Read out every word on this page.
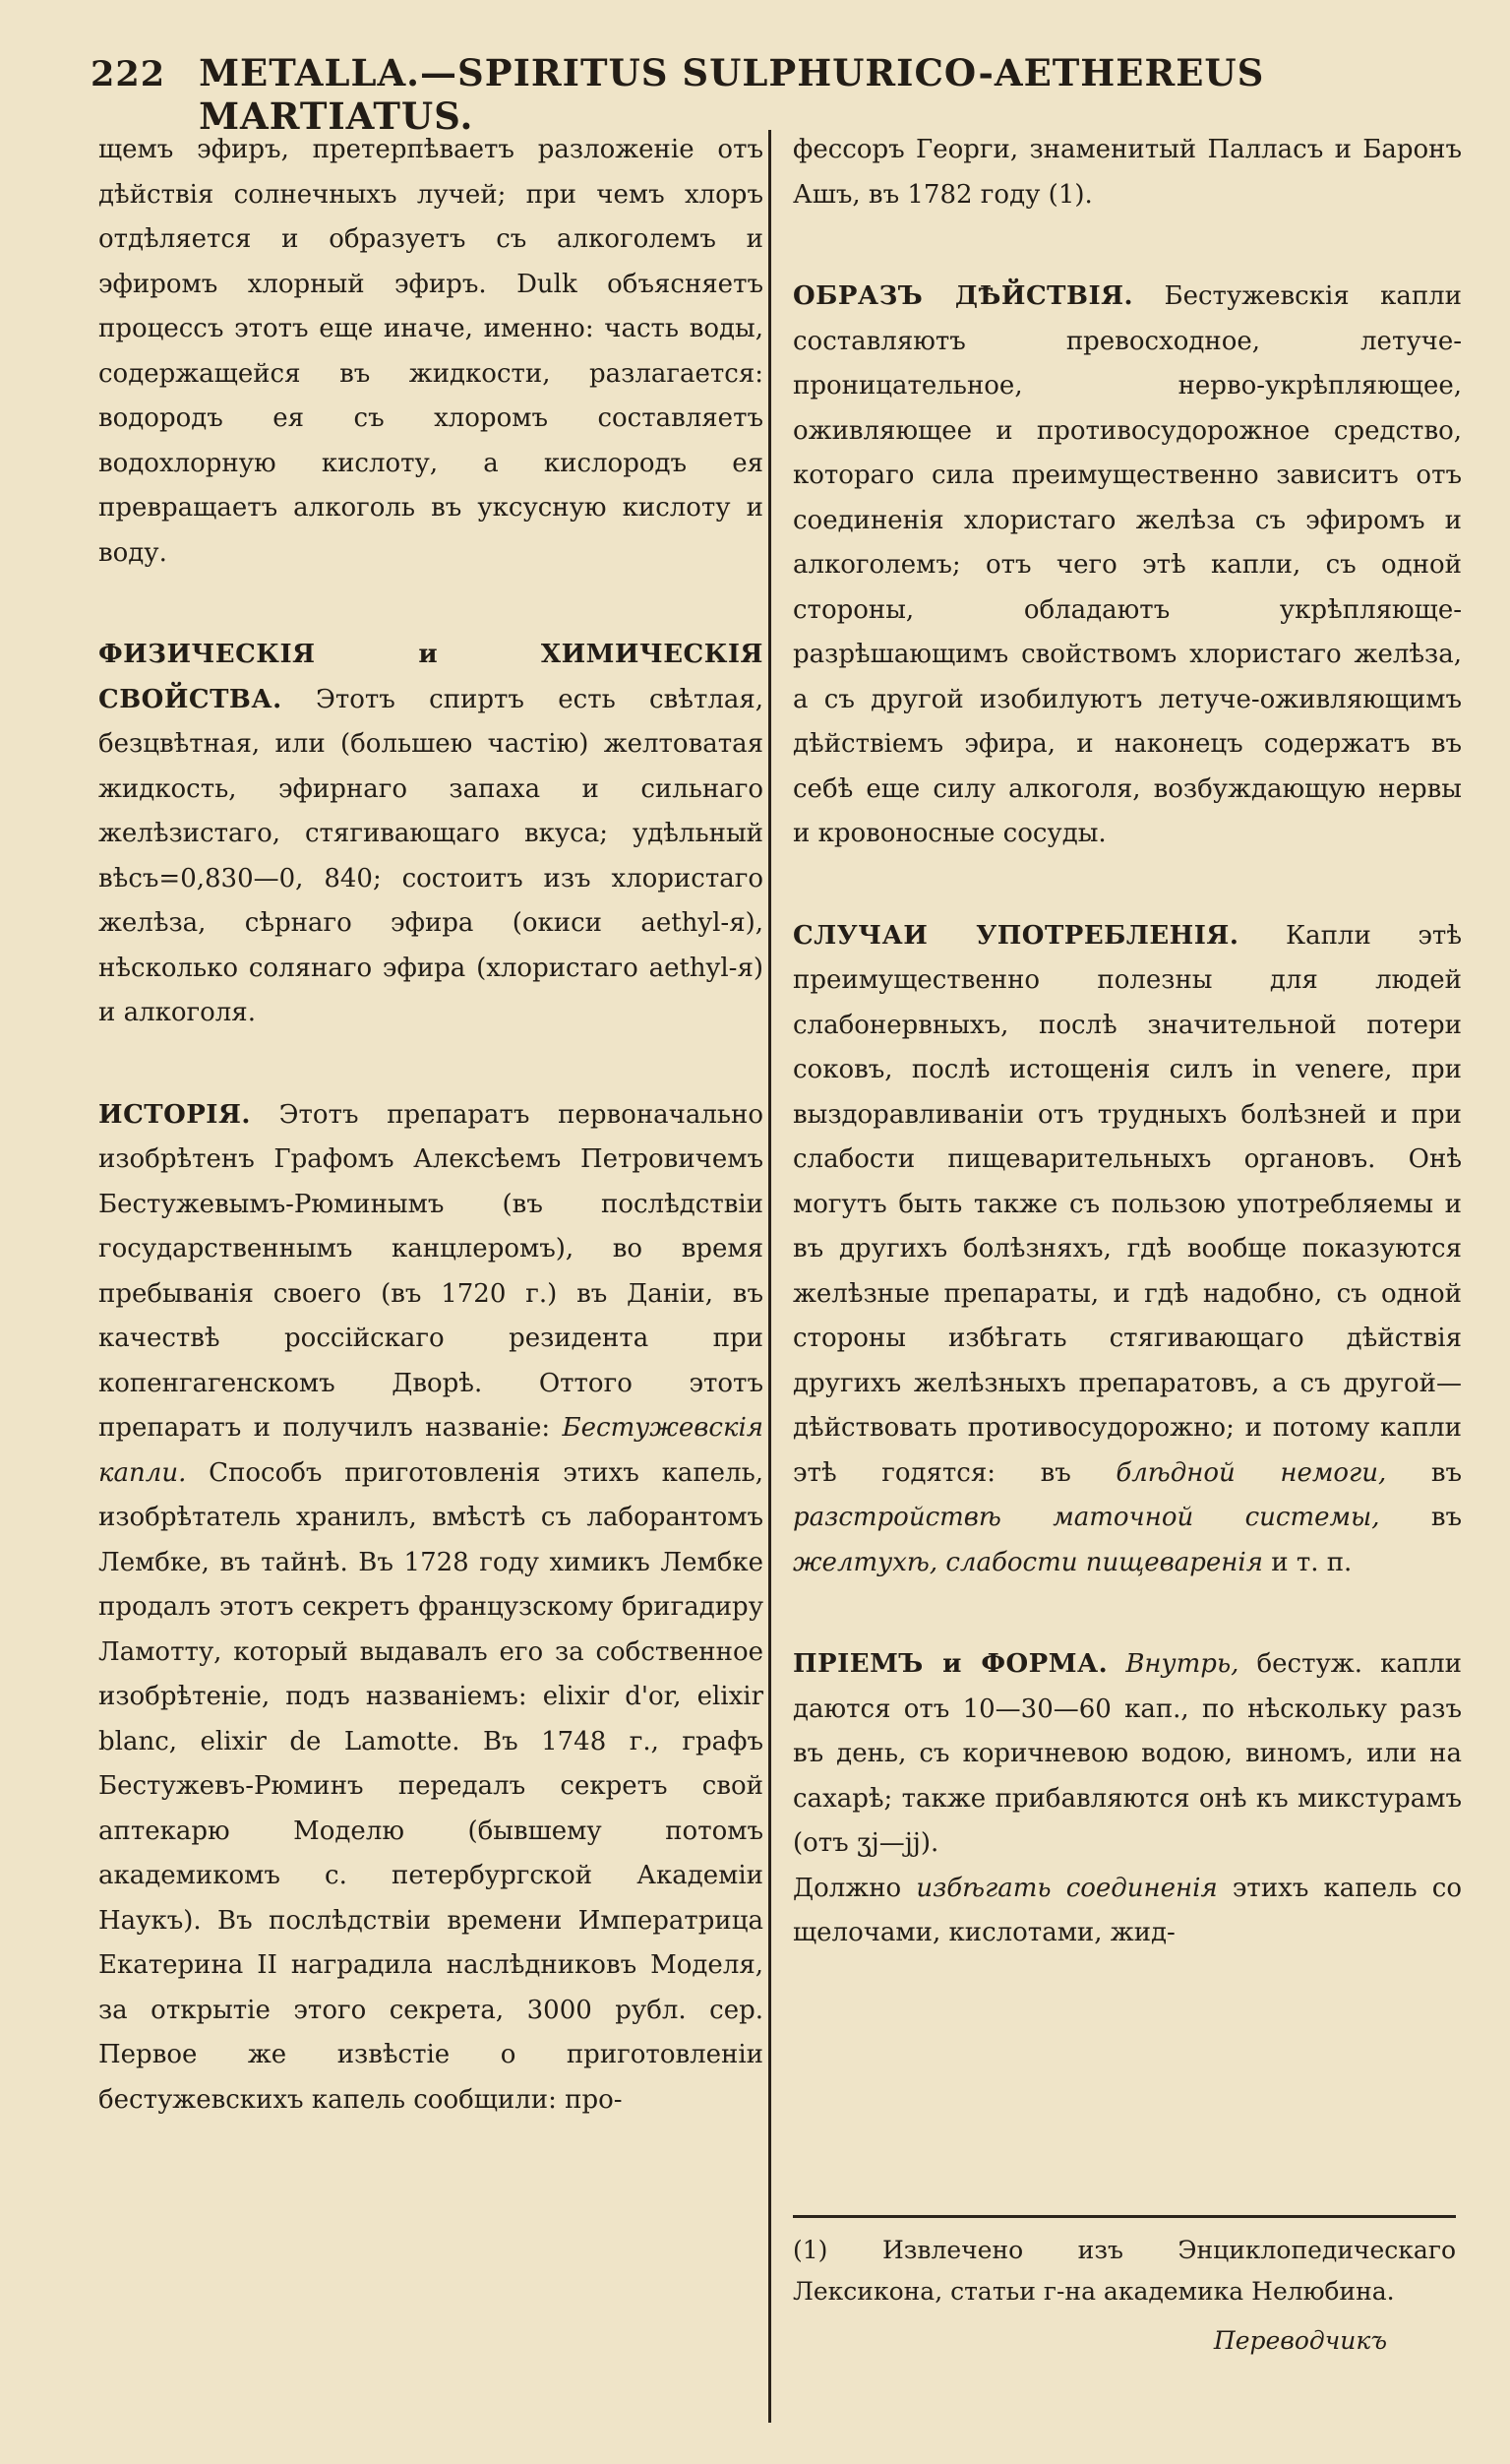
222 METALLA.—SPIRITUS SULPHURICO-AETHEREUS MARTIATUS.

щемъ эфиръ, претерпѣваетъ разложеніе отъ дѣйствія солнечныхъ лучей; при чемъ хлоръ отдѣляется и образуетъ съ алкоголемъ и эфиромъ хлорный эфиръ. Dulk объясняетъ процессъ этотъ еще иначе, именно: часть воды, содержащейся въ жидкости, разлагается: водородъ ея съ хлоромъ составляетъ водохлорную кислоту, а кислородъ ея превращаетъ алкоголь въ уксусную кислоту и воду.

ФИЗИЧЕСКІЯ и ХИМИЧЕСКІЯ СВОЙСТВА. Этотъ спиртъ есть свѣтлая, безцвѣтная, или (большею частію) желтоватая жидкость, эфирнаго запаха и сильнаго желѣзистаго, стягивающаго вкуса; удѣльный вѣсъ=0,830—0, 840; состоитъ изъ хлористаго желѣза, сѣрнаго эфира (окиси aethyl-я), нѣсколько солянаго эфира (хлористаго aethyl-я) и алкоголя.

ИСТОРІЯ. Этотъ препаратъ первоначально изобрѣтенъ Графомъ Алексѣемъ Петровичемъ Бестужевымъ-Рюминымъ (въ послѣдствіи государственнымъ канцлеромъ), во время пребыванія своего (въ 1720 г.) въ Даніи, въ качествѣ россійскаго резидента при копенгагенскомъ Дворѣ. Оттого этотъ препаратъ и получилъ названіе: Бестужевскія капли. Способъ приготовленія этихъ капель, изобрѣтатель хранилъ, вмѣстѣ съ лаборантомъ Лембке, въ тайнѣ. Въ 1728 году химикъ Лембке продалъ этотъ секретъ французскому бригадиру Ламотту, который выдавалъ его за собственное изобрѣтеніе, подъ названіемъ: elixir d'or, elixir blanc, elixir de Lamotte. Въ 1748 г., графъ Бестужевъ-Рюминъ передалъ секретъ свой аптекарю Моделю (бывшему потомъ академикомъ с. петербургской Академіи Наукъ). Въ послѣдствіи времени Императрица Екатерина II наградила наслѣдниковъ Моделя, за открытіе этого секрета, 3000 рубл. сер. Первое же извѣстіе о приготовленіи бестужевскихъ капель сообщили: про-

фессоръ Георги, знаменитый Палласъ и Баронъ Ашъ, въ 1782 году (1).

ОБРАЗЪ ДѢЙСТВІЯ. Бестужевскія капли составляютъ превосходное, летуче-проницательное, нерво-укрѣпляющее, оживляющее и противосудорожное средство, котораго сила преимущественно зависитъ отъ соединенія хлористаго желѣза съ эфиромъ и алкоголемъ; отъ чего этѣ капли, съ одной стороны, обладаютъ укрѣпляюще-разрѣшающимъ свойствомъ хлористаго желѣза, а съ другой изобилуютъ летуче-оживляющимъ дѣйствіемъ эфира, и наконецъ содержатъ въ себѣ еще силу алкоголя, возбуждающую нервы и кровоносные сосуды.

СЛУЧАИ УПОТРЕБЛЕНІЯ. Капли этѣ преимущественно полезны для людей слабонервныхъ, послѣ значительной потери соковъ, послѣ истощенія силъ in venere, при выздоравливаніи отъ трудныхъ болѣзней и при слабости пищеварительныхъ органовъ. Онѣ могутъ быть также съ пользою употребляемы и въ другихъ болѣзняхъ, гдѣ вообще показуются желѣзные препараты, и гдѣ надобно, съ одной стороны избѣгать стягивающаго дѣйствія другихъ желѣзныхъ препаратовъ, а съ другой—дѣйствовать противосудорожно; и потому капли этѣ годятся: въ блѣдной немоги, въ разстройствѣ маточной системы, въ желтухѣ, слабости пищеваренія и т. п.

ПРІЕМЪ и ФОРМА. Внутрь, бестуж. капли даются отъ 10—30—60 кап., по нѣскольку разъ въ день, съ коричневою водою, виномъ, или на сахарѣ; также прибавляются онѣ къ микстурамъ (отъ ʒj—jj).

Должно избѣгать соединенія этихъ капель со щелочами, кислотами, жид-

(1) Извлечено изъ Энциклопедическаго Лексикона, статьи г-на академика Нелюбина.
Переводчикъ
